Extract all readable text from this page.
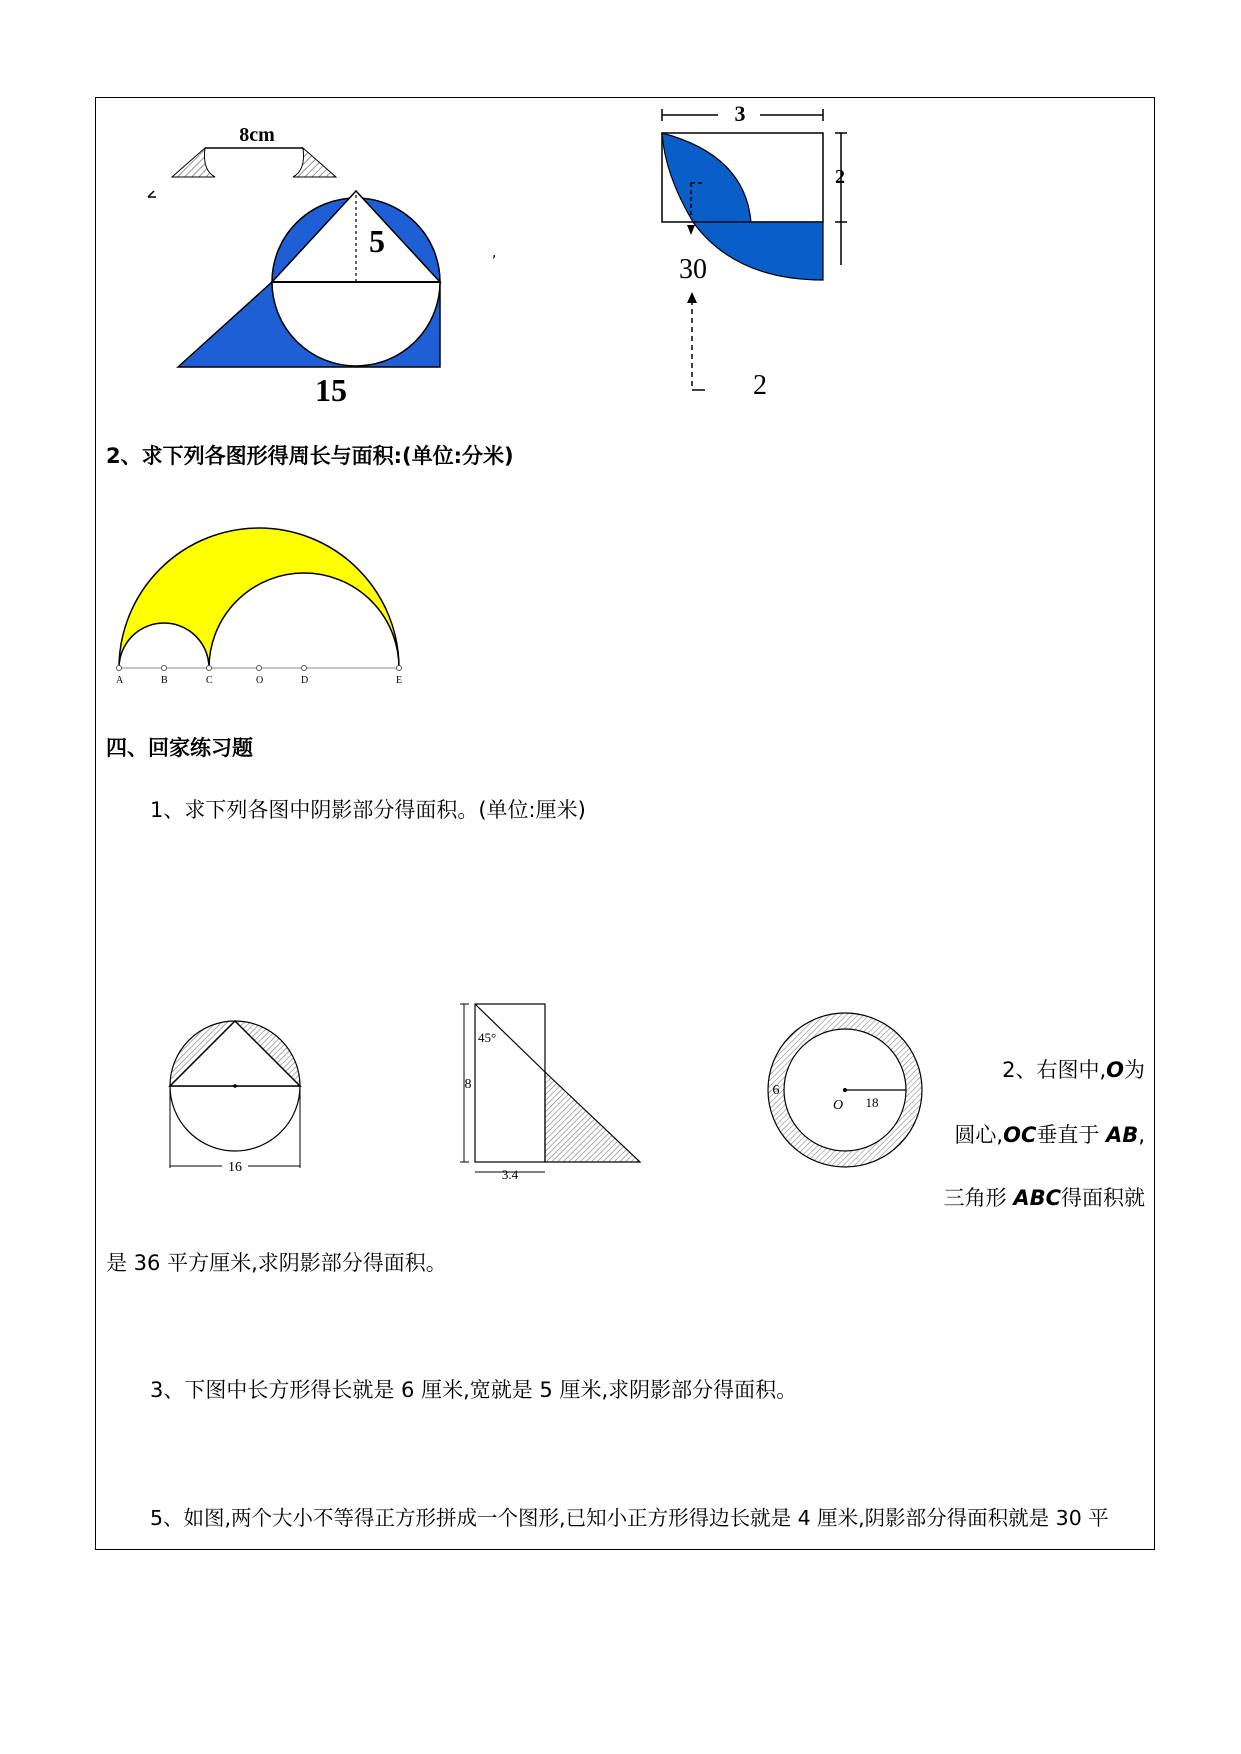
8cm
5
15
,
3
2
30
2
2、求下列各图形得周长与面积:(单位:分米)
A	B	C	O	D	E
四、回家练习题
1、求下列各图中阴影部分得面积。(单位:厘米)
16
45°
8
3.4
6
18
O
2、右图中,O为
圆心,OC垂直于 AB,
三角形 ABC得面积就
是 36 平方厘米,求阴影部分得面积。
3、下图中长方形得长就是 6 厘米,宽就是 5 厘米,求阴影部分得面积。
5、如图,两个大小不等得正方形拼成一个图形,已知小正方形得边长就是 4 厘米,阴影部分得面积就是 30 平
